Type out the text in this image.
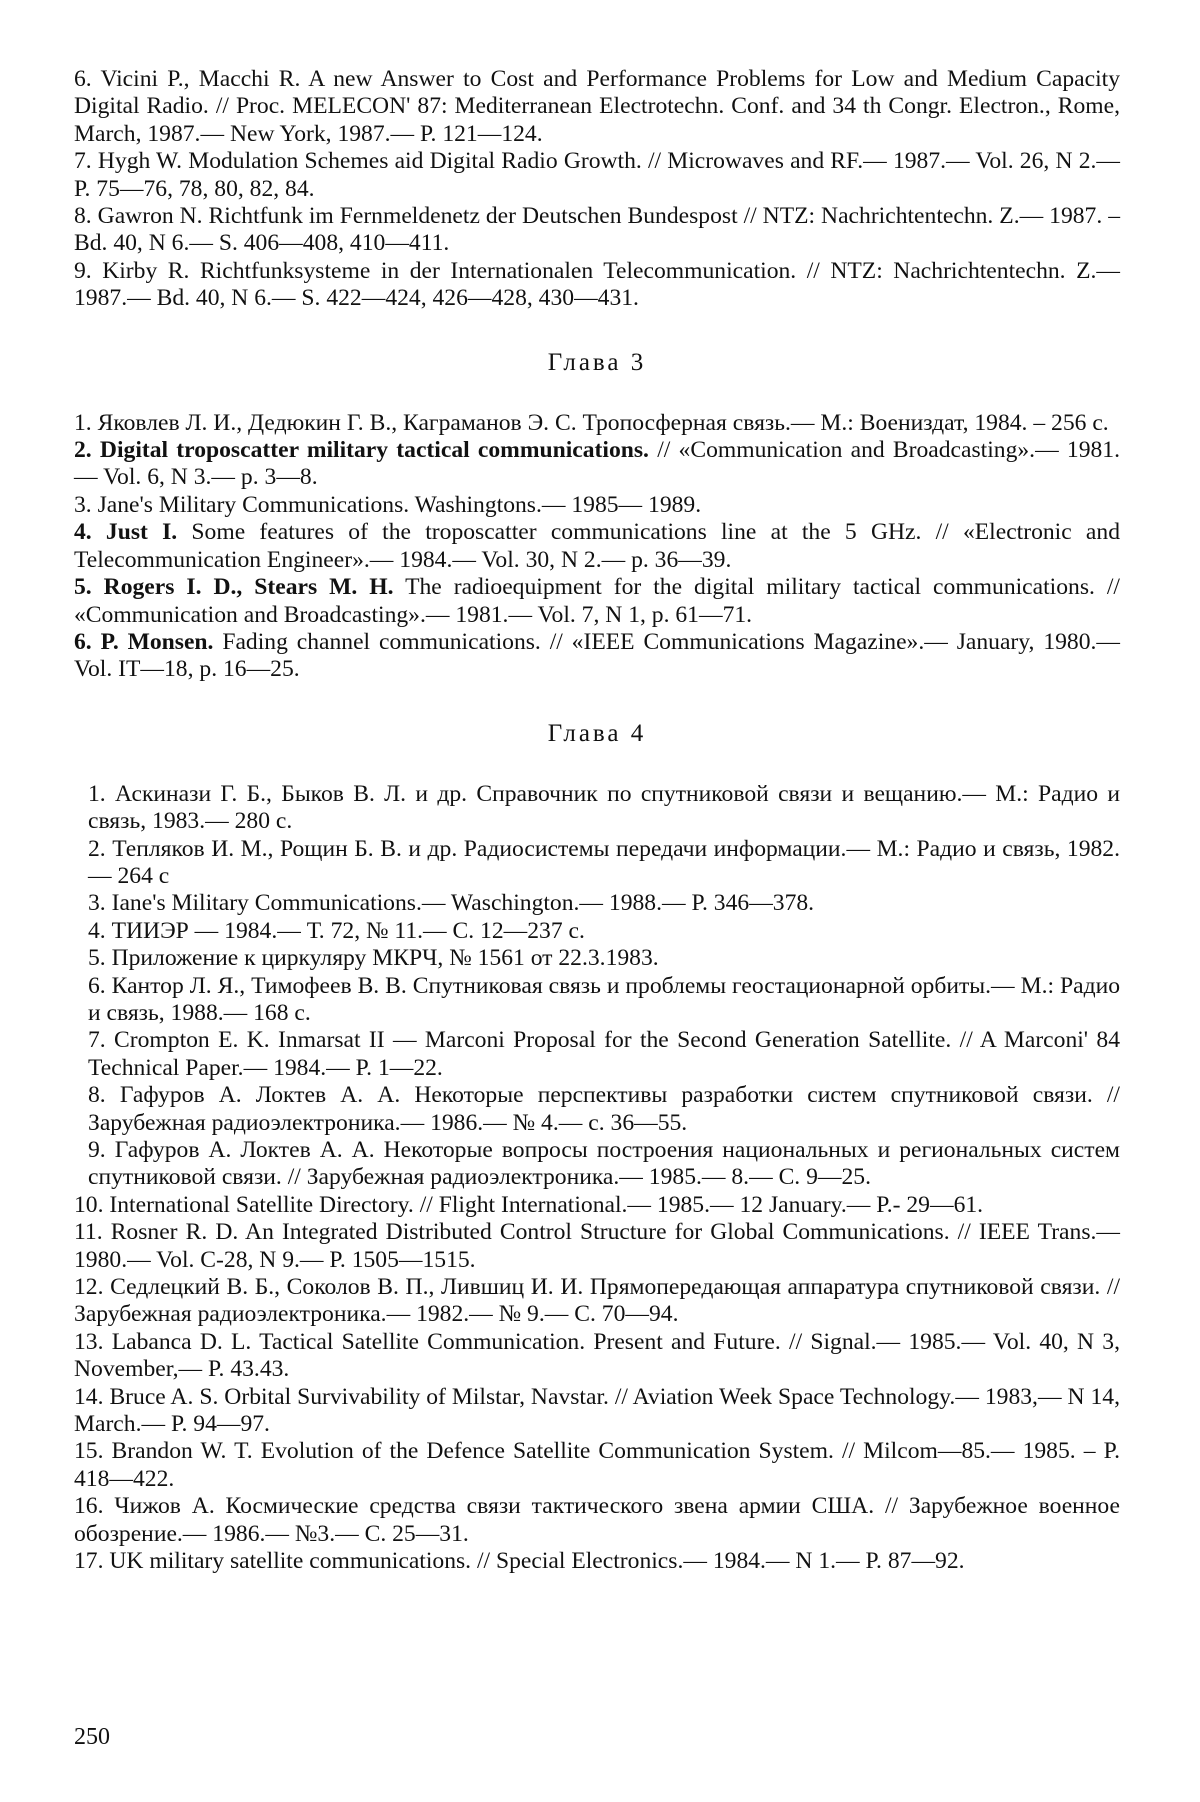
6. Vicini P., Macchi R. A new Answer to Cost and Performance Problems for Low and Medium Capacity Digital Radio. // Proc. MELECON' 87: Mediterranean Electrotechn. Conf. and 34 th Congr. Electron., Rome, March, 1987.— New York, 1987.— P. 121—124.

7. Hygh W. Modulation Schemes aid Digital Radio Growth. // Microwaves and RF.— 1987.— Vol. 26, N 2.— P. 75—76, 78, 80, 82, 84.

8. Gawron N. Richtfunk im Fernmeldenetz der Deutschen Bundespost // NTZ: Nachrichtentechn. Z.— 1987. – Bd. 40, N 6.— S. 406—408, 410—411.

9. Kirby R. Richtfunksysteme in der Internationalen Telecommunication. // NTZ: Nachrichtentechn. Z.— 1987.— Bd. 40, N 6.— S. 422—424, 426—428, 430—431.

Глава 3

1. Яковлев Л. И., Дедюкин Г. В., Каграманов Э. С. Тропосферная связь.— М.: Воениздат, 1984. – 256 с.

2. Digital troposcatter military tactical communications. // «Communication and Broadcasting».— 1981.— Vol. 6, N 3.— p. 3—8.

3. Jane's Military Communications. Washingtons.— 1985— 1989.

4. Just I. Some features of the troposcatter communications line at the 5 GHz. // «Electronic and Telecommunication Engineer».— 1984.— Vol. 30, N 2.— p. 36—39.

5. Rogers I. D., Stears M. H. The radioequipment for the digital military tactical communications. // «Communication and Broadcasting».— 1981.— Vol. 7, N 1, p. 61—71.

6. P. Monsen. Fading channel communications. // «IEEE Communications Magazine».— January, 1980.— Vol. IT—18, p. 16—25.

Глава 4

1. Аскинази Г. Б., Быков В. Л. и др. Справочник по спутниковой связи и вещанию.— М.: Радио и связь, 1983.— 280 с.

2. Тепляков И. М., Рощин Б. В. и др. Радиосистемы передачи информации.— М.: Радио и связь, 1982.— 264 с

3. Iane's Military Communications.— Waschington.— 1988.— P. 346—378.

4. ТИИЭР — 1984.— Т. 72, № 11.— С. 12—237 с.

5. Приложение к циркуляру МКРЧ, № 1561 от 22.3.1983.

6. Кантор Л. Я., Тимофеев В. В. Спутниковая связь и проблемы геостационарной орбиты.— М.: Радио и связь, 1988.— 168 с.

7. Crompton E. K. Inmarsat II — Marconi Proposal for the Second Generation Satellite. // A Marconi' 84 Technical Paper.— 1984.— P. 1—22.

8. Гафуров А. Локтев А. А. Некоторые перспективы разработки систем спутниковой связи. // Зарубежная радиоэлектроника.— 1986.— № 4.— с. 36—55.

9. Гафуров А. Локтев А. А. Некоторые вопросы построения национальных и региональных систем спутниковой связи. // Зарубежная радиоэлектроника.— 1985.— 8.— С. 9—25.

10. International Satellite Directory. // Flight International.— 1985.— 12 January.— P.- 29—61.

11. Rosner R. D. An Integrated Distributed Control Structure for Global Communications. // IEEE Trans.— 1980.— Vol. C-28, N 9.— P. 1505—1515.

12. Седлецкий В. Б., Соколов В. П., Лившиц И. И. Прямопередающая аппаратура спутниковой связи. // Зарубежная радиоэлектроника.— 1982.— № 9.— С. 70—94.

13. Labanca D. L. Tactical Satellite Communication. Present and Future. // Signal.— 1985.— Vol. 40, N 3, November,— P. 43.43.

14. Bruce A. S. Orbital Survivability of Milstar, Navstar. // Aviation Week Space Technology.— 1983,— N 14, March.— P. 94—97.

15. Brandon W. T. Evolution of the Defence Satellite Communication System. // Milcom—85.— 1985. – P. 418—422.

16. Чижов А. Космические средства связи тактического звена армии США. // Зарубежное военное обозрение.— 1986.— №3.— С. 25—31.

17. UK military satellite communications. // Special Electronics.— 1984.— N 1.— P. 87—92.

250
